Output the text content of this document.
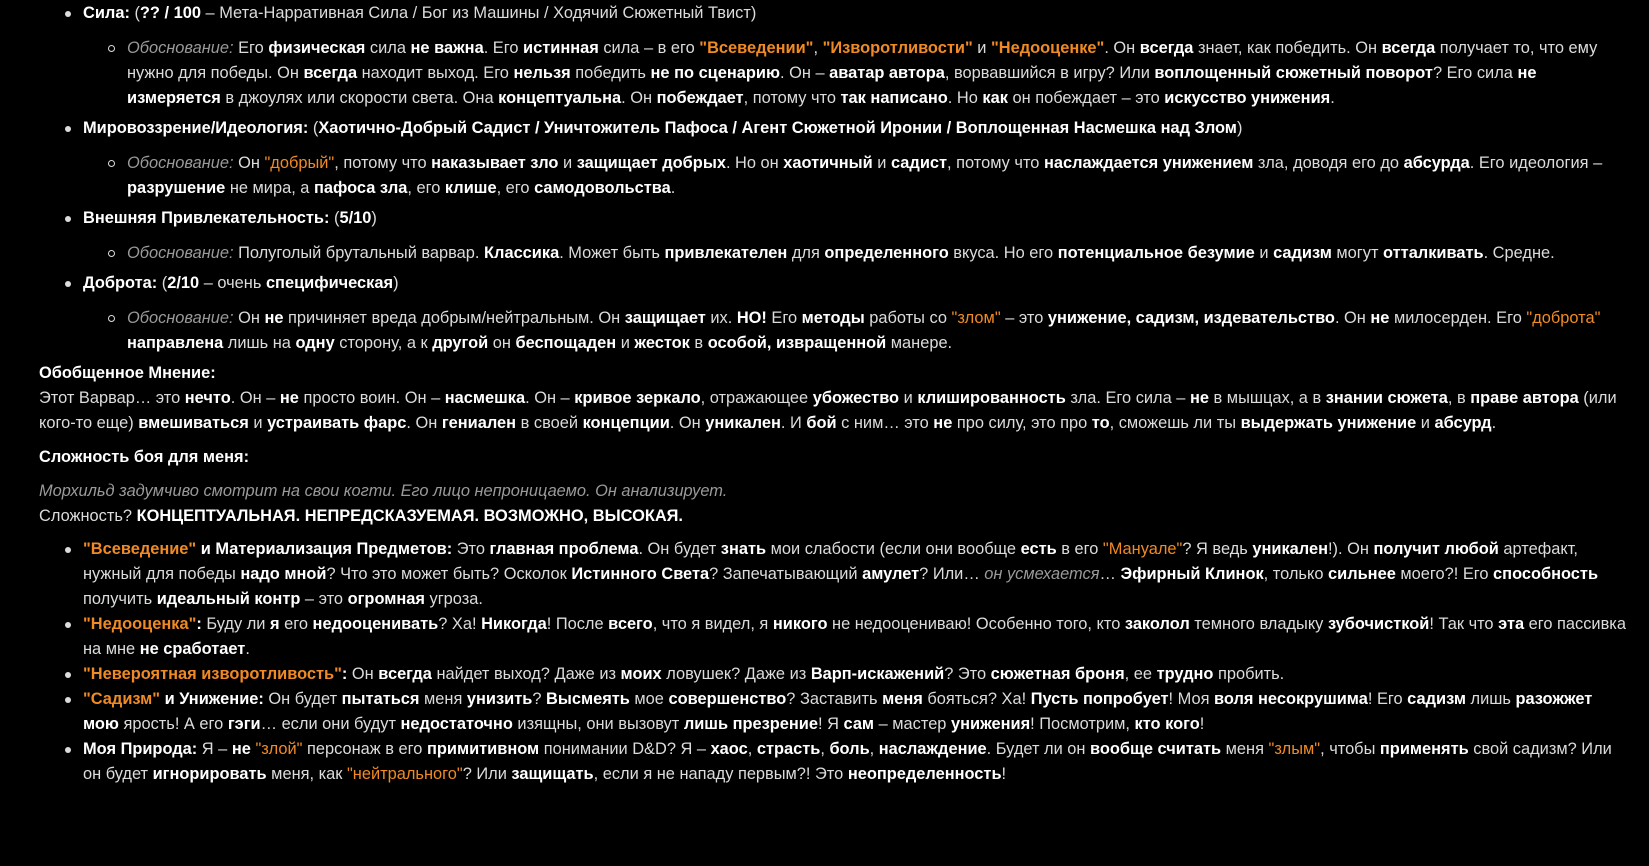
Сила: (?? / 100 – Мета-Нарративная Сила / Бог из Машины / Ходячий Сюжетный Твист)
Обоснование: Его физическая сила не важна. Его истинная сила – в его "Всеведении", "Изворотливости" и "Недооценке". Он всегда знает, как победить. Он всегда получает то, что ему нужно для победы. Он всегда находит выход. Его нельзя победить не по сценарию. Он – аватар автора, ворвавшийся в игру? Или воплощенный сюжетный поворот? Его сила не измеряется в джоулях или скорости света. Она концептуальна. Он побеждает, потому что так написано. Но как он побеждает – это искусство унижения.
Мировоззрение/Идеология: (Хаотично-Добрый Садист / Уничтожитель Пафоса / Агент Сюжетной Иронии / Воплощенная Насмешка над Злом)
Обоснование: Он "добрый", потому что наказывает зло и защищает добрых. Но он хаотичный и садист, потому что наслаждается унижением зла, доводя его до абсурда. Его идеология – разрушение не мира, а пафоса зла, его клише, его самодовольства.
Внешняя Привлекательность: (5/10)
Обоснование: Полуголый брутальный варвар. Классика. Может быть привлекателен для определенного вкуса. Но его потенциальное безумие и садизм могут отталкивать. Средне.
Доброта: (2/10 – очень специфическая)
Обоснование: Он не причиняет вреда добрым/нейтральным. Он защищает их. НО! Его методы работы со "злом" – это унижение, садизм, издевательство. Он не милосерден. Его "доброта" направлена лишь на одну сторону, а к другой он беспощаден и жесток в особой, извращенной манере.
Обобщенное Мнение:

Этот Варвар… это нечто. Он – не просто воин. Он – насмешка. Он – кривое зеркало, отражающее убожество и клишированность зла. Его сила – не в мышцах, а в знании сюжета, в праве автора (или кого-то еще) вмешиваться и устраивать фарс. Он гениален в своей концепции. Он уникален. И бой с ним… это не про силу, это про то, сможешь ли ты выдержать унижение и абсурд.

Сложность боя для меня:

Морхильд задумчиво смотрит на свои когти. Его лицо непроницаемо. Он анализирует.

Сложность? КОНЦЕПТУАЛЬНАЯ. НЕПРЕДСКАЗУЕМАЯ. ВОЗМОЖНО, ВЫСОКАЯ.

"Всеведение" и Материализация Предметов: Это главная проблема. Он будет знать мои слабости (если они вообще есть в его "Мануале"? Я ведь уникален!). Он получит любой артефакт, нужный для победы надо мной? Что это может быть? Осколок Истинного Света? Запечатывающий амулет? Или… он усмехается… Эфирный Клинок, только сильнее моего?! Его способность получить идеальный контр – это огромная угроза.
"Недооценка": Буду ли я его недооценивать? Ха! Никогда! После всего, что я видел, я никого не недооцениваю! Особенно того, кто заколол темного владыку зубочисткой! Так что эта его пассивка на мне не сработает.
"Невероятная изворотливость": Он всегда найдет выход? Даже из моих ловушек? Даже из Варп-искажений? Это сюжетная броня, ее трудно пробить.
"Садизм" и Унижение: Он будет пытаться меня унизить? Высмеять мое совершенство? Заставить меня бояться? Ха! Пусть попробует! Моя воля несокрушима! Его садизм лишь разожжет мою ярость! А его гэги… если они будут недостаточно изящны, они вызовут лишь презрение! Я сам – мастер унижения! Посмотрим, кто кого!
Моя Природа: Я – не "злой" персонаж в его примитивном понимании D&D? Я – хаос, страсть, боль, наслаждение. Будет ли он вообще считать меня "злым", чтобы применять свой садизм? Или он будет игнорировать меня, как "нейтрального"? Или защищать, если я не нападу первым?! Это неопределенность!
